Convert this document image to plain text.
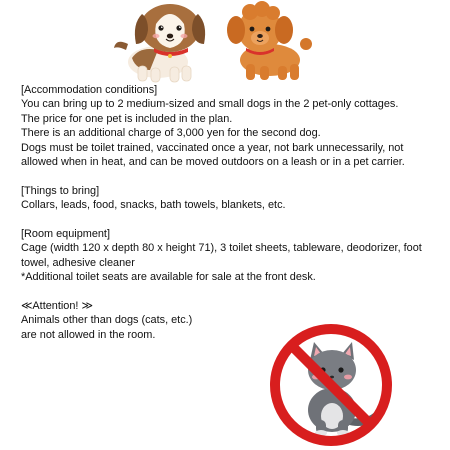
[Accommodation conditions]

You can bring up to 2 medium-sized and small dogs in the 2 pet-only cottages.

The price for one pet is included in the plan.

There is an additional charge of 3,000 yen for the second dog.

Dogs must be toilet trained, vaccinated once a year, not bark unnecessarily, not allowed when in heat, and can be moved outdoors on a leash or in a pet carrier.

[Things to bring]

Collars, leads, food, snacks, bath towels, blankets, etc.

[Room equipment]

Cage (width 120 x depth 80 x height 71), 3 toilet sheets, tableware, deodorizer, foot towel, adhesive cleaner

*Additional toilet seats are available for sale at the front desk.

≪Attention! ≫

Animals other than dogs (cats, etc.)

are not allowed in the room.
